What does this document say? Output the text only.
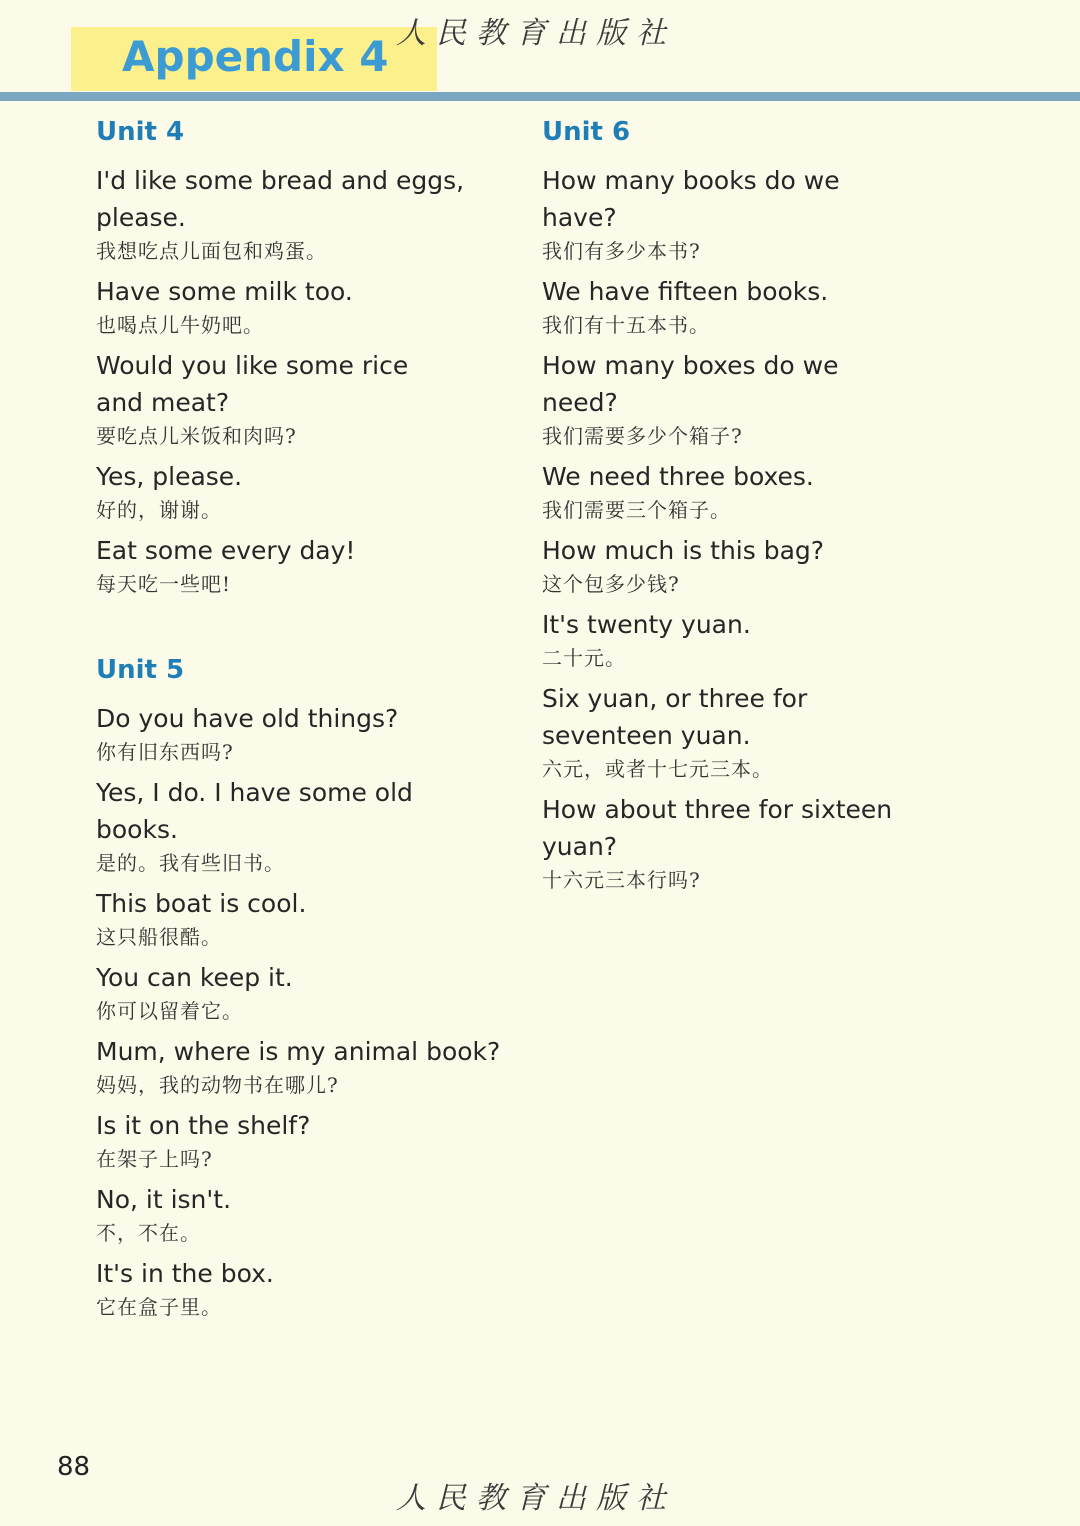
Appendix 4 人民教育出版社
Unit 4
I'd like some bread and eggs,
please.
我想吃点儿面包和鸡蛋。
Have some milk too.
也喝点儿牛奶吧。
Would you like some rice
and meat?
要吃点儿米饭和肉吗?
Yes, please.
好的，谢谢。
Eat some every day!
每天吃一些吧!
Unit 5
Do you have old things?
你有旧东西吗?
Yes, I do. I have some old
books.
是的。我有些旧书。
This boat is cool.
这只船很酷。
You can keep it.
你可以留着它。
Mum, where is my animal book?
妈妈，我的动物书在哪儿?
Is it on the shelf?
在架子上吗?
No, it isn't.
不，不在。
It's in the box.
它在盒子里。
Unit 6
How many books do we
have?
我们有多少本书?
We have fifteen books.
我们有十五本书。
How many boxes do we
need?
我们需要多少个箱子?
We need three boxes.
我们需要三个箱子。
How much is this bag?
这个包多少钱?
It's twenty yuan.
二十元。
Six yuan, or three for
seventeen yuan.
六元，或者十七元三本。
How about three for sixteen
yuan?
十六元三本行吗?
88
人民教育出版社
